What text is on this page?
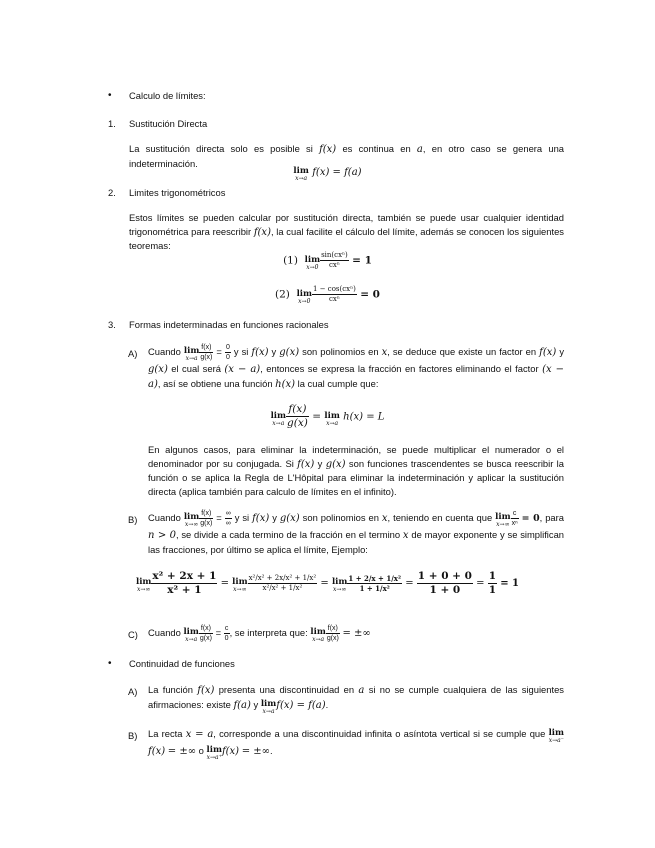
• Calculo de límites:
1. Sustitución Directa
La sustitución directa solo es posible si f(x) es continua en a, en otro caso se genera una indeterminación.
lim
x→a
f(x) = f(a)
2. Limites trigonométricos
Estos límites se pueden calcular por sustitución directa, también se puede usar cualquier identidad trigonométrica para reescribir f(x), la cual facilite el cálculo del límite, además se conocen los siguientes teoremas:
(1) lim
x→0
sin(cxⁿ)
cxⁿ	= 1
(2) lim
x→0
1 − cos(cxⁿ)
cxⁿ	= 0
3. Formas indeterminadas en funciones racionales
A) Cuando lim
$x\to a \frac{f(x)}{g(x)} = \frac{0}{0}$ y si f(x) y g(x) son polinomios en x, se deduce que existe un factor en f(x) y g(x) el cual será (x − a), entonces se expresa la fracción en factores eliminando el factor (x − a), así se obtiene una función h(x) la cual cumple que:
lim
$x\to a \frac{f(x)}{g(x)} = \lim$
x→a
h(x) = L
En algunos casos, para eliminar la indeterminación, se puede multiplicar el numerador o el denominador por su conjugada. Si f(x) y g(x) son funciones trascendentes se busca reescribir la función o se aplica la Regla de L'Hôpital para eliminar la indeterminación y aplicar la sustitución directa (aplica también para calculo de límites en el infinito).
B) Cuando lim
$x\to\infty \frac{f(x)}{g(x)}$ = ∞
∞
y si f(x) y g(x) son polinomios en x, teniendo en cuenta que lim
$x\to\infty \frac{c}{\text{xⁿ}} = 0$, para n > 0, se divide a cada termino de la fracción en el termino x de mayor exponente y se simplifican las fracciones, por último se aplica el límite, Ejemplo:
lim
$x\to\infty \frac{\text{x² + 2x + 1}}{\text{x² + 1}} = \lim$
$x\to\infty \frac{\text{x²/x² + 2x/x² + 1/x²}}{\text{x²/x² + 1/x²}} = \lim$
$x\to\infty \frac{\text{1 + 2/x + 1/x²}}{\text{1 + 1/x²}} = \frac{1 + 0 + 0}{1 + 0} = \frac{1}{1} = 1$
C) Cuando lim
$x\to a \frac{f(x)}{g(x)} = \frac{c}{0}$ , se interpreta que: lim
$x\to a \frac{f(x)}{g(x)}$ = ±∞
• Continuidad de funciones
A) La función f(x) presenta una discontinuidad en a si no se cumple cualquiera de las siguientes afirmaciones: existe f(a) y lim
x→a
f(x) = f(a).
B) La recta x = a, corresponde a una discontinuidad infinita o asíntota vertical si se cumple que lim
x→a⁻
f(x) = ±∞ o lim
x→a⁺
f(x) = ±∞.
